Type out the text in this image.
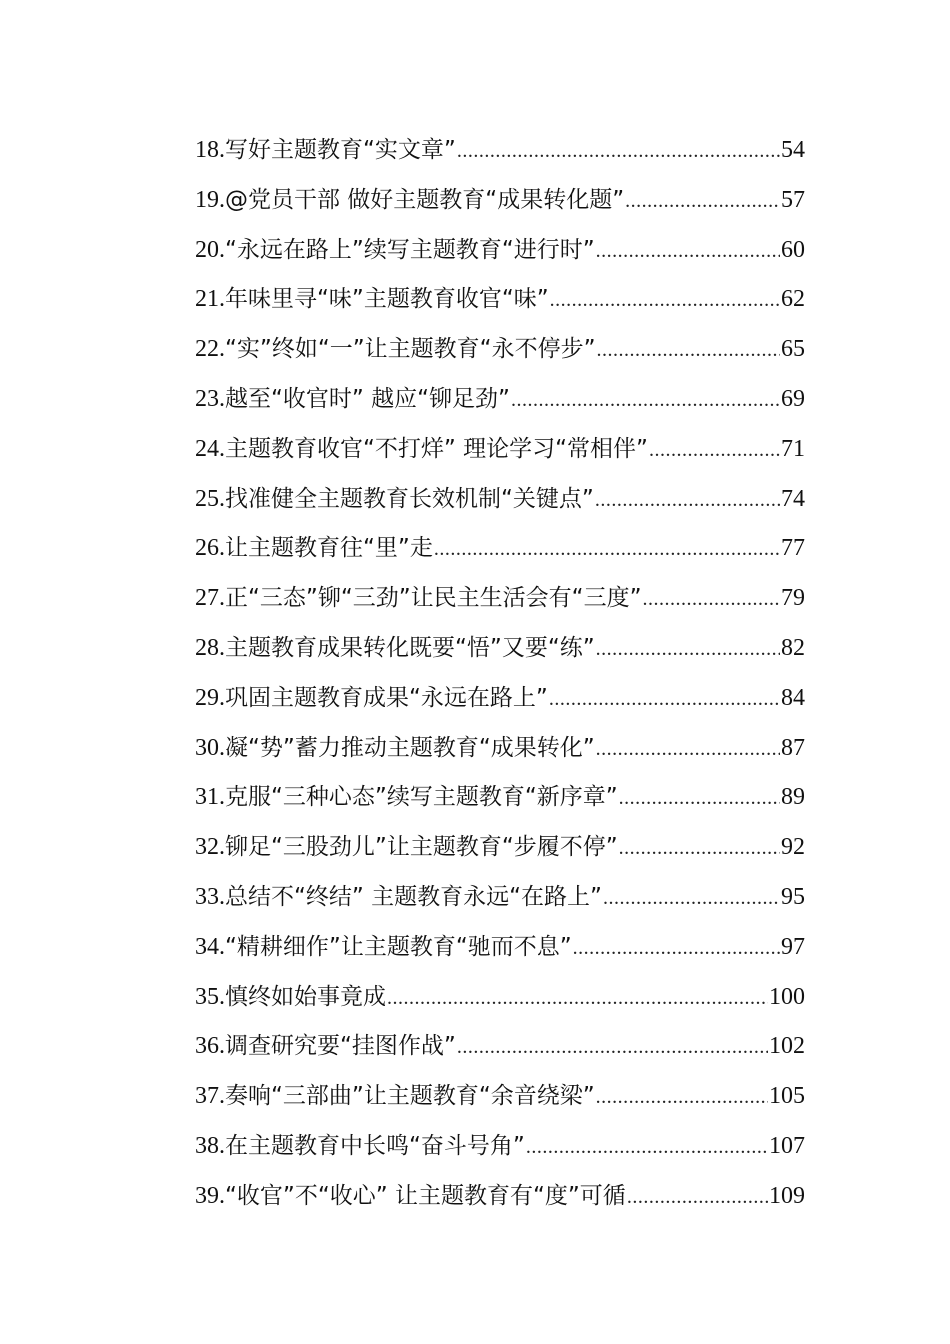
18.写好主题教育“实文章” .....	54
19.@党员干部 做好主题教育“成果转化题” .....	57
20.“永远在路上”续写主题教育“进行时” .....	60
21.年味里寻“味”主题教育收官“味” .....	62
22.“实”终如“一”让主题教育“永不停步” .....	65
23.越至“收官时” 越应“铆足劲” .....	69
24.主题教育收官“不打烊” 理论学习“常相伴” .....	71
25.找准健全主题教育长效机制“关键点” .....	74
26.让主题教育往“里”走 .....	77
27.正“三态”铆“三劲”让民主生活会有“三度” .....	79
28.主题教育成果转化既要“悟”又要“练” .....	82
29.巩固主题教育成果“永远在路上” .....	84
30.凝“势”蓄力推动主题教育“成果转化” .....	87
31.克服“三种心态”续写主题教育“新序章” .....	89
32.铆足“三股劲儿”让主题教育“步履不停” .....	92
33.总结不“终结” 主题教育永远“在路上” .....	95
34.“精耕细作”让主题教育“驰而不息” .....	97
35.慎终如始事竟成 .....	100
36.调查研究要“挂图作战” .....	102
37.奏响“三部曲”让主题教育“余音绕梁” .....	105
38.在主题教育中长鸣“奋斗号角” .....	107
39.“收官”不“收心” 让主题教育有“度”可循 .....	109
